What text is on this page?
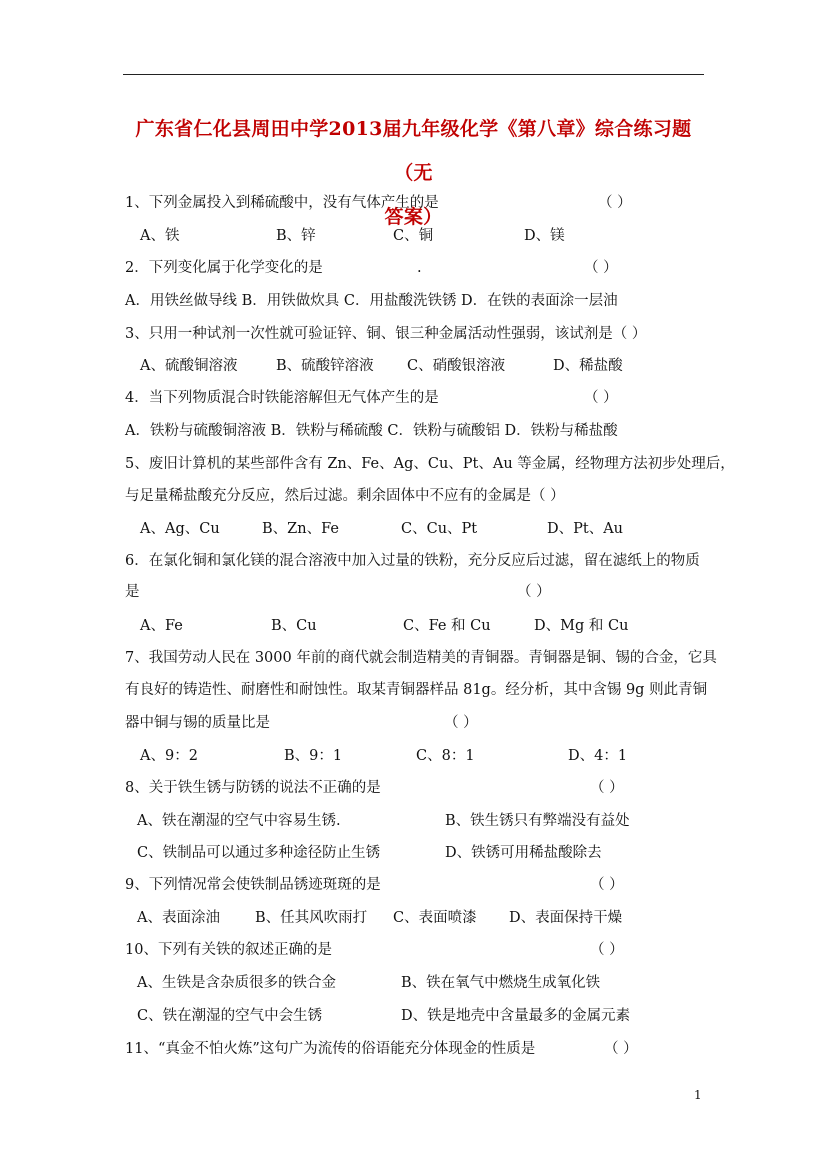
广东省仁化县周田中学2013届九年级化学《第八章》综合练习题（无
答案）
1、下列金属投入到稀硫酸中，没有气体产生的是	（ ）
A、铁	B、锌	C、铜	D、镁
2．下列变化属于化学变化的是	.	（ ）
A．用铁丝做导线 B．用铁做炊具 C．用盐酸洗铁锈 D．在铁的表面涂一层油
3、只用一种试剂一次性就可验证锌、铜、银三种金属活动性强弱，该试剂是（ ）
A、硫酸铜溶液	B、硫酸锌溶液 C、硝酸银溶液	D、稀盐酸
4．当下列物质混合时铁能溶解但无气体产生的是	（ ）
A．铁粉与硫酸铜溶液 B．铁粉与稀硫酸 C．铁粉与硫酸铝 D．铁粉与稀盐酸
5、废旧计算机的某些部件含有 Zn、Fe、Ag、Cu、Pt、Au 等金属，经物理方法初步处理后，
与足量稀盐酸充分反应，然后过滤。剩余固体中不应有的金属是（ ）
A、Ag、Cu	B、Zn、Fe	C、Cu、Pt	D、Pt、Au
6．在氯化铜和氯化镁的混合溶液中加入过量的铁粉，充分反应后过滤，留在滤纸上的物质
是	（ ）
A、Fe	B、Cu	C、Fe 和 Cu	D、Mg 和 Cu
7、我国劳动人民在 3000 年前的商代就会制造精美的青铜器。青铜器是铜、锡的合金，它具
有良好的铸造性、耐磨性和耐蚀性。取某青铜器样品 81g。经分析，其中含锡 9g 则此青铜
器中铜与锡的质量比是	（ ）
A、9：2	B、9：1	C、8：1	D、4：1
8、关于铁生锈与防锈的说法不正确的是	（ ）
A、铁在潮湿的空气中容易生锈.	B、铁生锈只有弊端没有益处
C、铁制品可以通过多种途径防止生锈	D、铁锈可用稀盐酸除去
9、下列情况常会使铁制品锈迹斑斑的是	（ ）
A、表面涂油 B、任其风吹雨打 C、表面喷漆 D、表面保持干燥
10、下列有关铁的叙述正确的是	（ ）
A、生铁是含杂质很多的铁合金	B、铁在氧气中燃烧生成氧化铁
C、铁在潮湿的空气中会生锈	D、铁是地壳中含量最多的金属元素
11、“真金不怕火炼”这句广为流传的俗语能充分体现金的性质是	（ ）
1
